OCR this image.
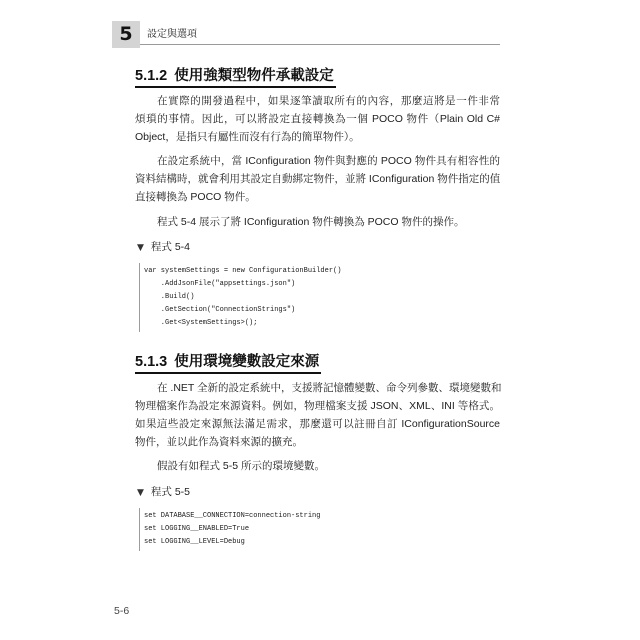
5	設定與選項
5.1.2 使用強類型物件承載設定
在實際的開發過程中，如果逐筆讀取所有的內容，那麼這將是一件非常
煩瑣的事情。因此，可以將設定直接轉換為一個 POCO 物件（Plain Old C#
Object，是指只有屬性而沒有行為的簡單物件）。
在設定系統中，當 IConfiguration 物件與對應的 POCO 物件具有相容性的
資料結構時，就會利用其設定自動綁定物件，並將 IConfiguration 物件指定的值
直接轉換為 POCO 物件。
程式 5-4 展示了將 IConfiguration 物件轉換為 POCO 物件的操作。
▼ 程式 5-4
var systemSettings = new ConfigurationBuilder()
.AddJsonFile("appsettings.json")
.Build()
.GetSection("ConnectionStrings")
.Get<SystemSettings>();
5.1.3 使用環境變數設定來源
在 .NET 全新的設定系統中，支援將記憶體變數、命令列參數、環境變數和
物理檔案作為設定來源資料。例如，物理檔案支援 JSON、XML、INI 等格式。
如果這些設定來源無法滿足需求，那麼還可以註冊自訂 IConfigurationSource
物件，並以此作為資料來源的擴充。
假設有如程式 5-5 所示的環境變數。
▼ 程式 5-5
set DATABASE__CONNECTION=connection-string
set LOGGING__ENABLED=True
set LOGGING__LEVEL=Debug
5-6
